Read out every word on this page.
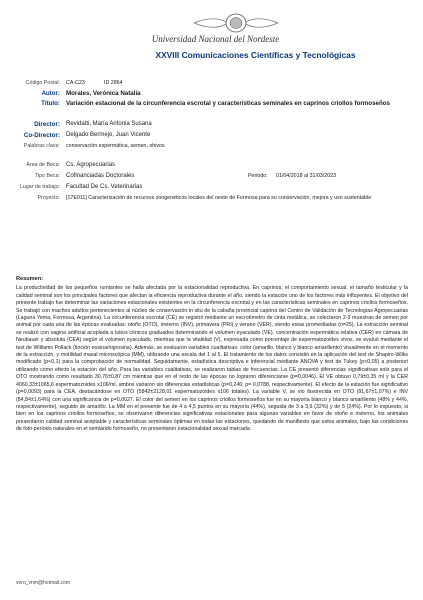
Universidad Nacional del Nordeste
XXVIII Comunicaciones Científicas y Tecnológicas
Código Postal: CA-C23	ID 2864
Autor: Morales, Verónica Natalia
Título: Variación estacional de la circunferencia escrotal y características seminales en caprinos criollos formoseños
Director: Revidatti, María Antonia Susana
Co-Director: Delgado Bermejo, Juan Vicente
Palabras clave: conservación espermática, semen, ohivos
Área de Beca: Cs. Agropecuarias
Tipo Beca: Cofinanciadas Doctorales	Periodo: 01/04/2018 al 31/03/2023
Lugar de trabajo: Facultad De Cs. Veterinarias
Proyecto: [17E011] Caracterización de recursos zoogenéticos locales del oeste de Formosa para su conservación, mejora y uso sustentable
Resumen:
La productividad de los pequeños rumiantes se halla afectada por la estacionalidad reproductiva. En caprinos, el comportamiento sexual, el tamaño testicular y la calidad seminal son los principales factores que afectan la eficiencia reproductiva durante el año, siendo la estación uno de los factores más influyentes. El objetivo del presente trabajo fue determinar las variaciones estacionales existentes en la circunferencia escrotal y en las características seminales en caprinos criollos formoseños. Se trabajó con machos adultos pertenecientes al núcleo de conservación in situ de la cabaña provincial caprina del Centro de Validación de Tecnologías Agropecuarias (Laguna Yema, Formosa, Argentina). La circunferencia escrotal (CE) se registró mediante un escrotímetro de cinta metálica, se colectaron 2-3 muestras de semen por animal por cada una de las épocas evaluadas: otoño (OTO), invierno (INV), primavera (PRI) y verano (VER), siendo estas promediadas (n=25). La extracción seminal se realizó con vagina artificial acoplada a tubos cónicos graduados determinando el volumen eyaculado (VE), concentración espermática relativa (CER) en cámara de Neubauer y absoluta (CEA) según el volumen eyaculado, mientras que la vitalidad (V), expresada como porcentaje de espermatozoides vivos, se evaluó mediante el test de Williams Pollack (tinción eosina/nigrosina). Además, se evaluaron variables cualitativas: color (amarillo, blanco y blanco amarillento) visualmente en el momento de la extracción, y motilidad masal microscópica (MM), utilizando una escala del 1 al 5. El tratamiento de los datos consistió en la aplicación del test de Shapiro-Wilks modificado (p<0,1) para la comprobación de normalidad. Seguidamente, estadística descriptiva e inferencial mediante ANOVA y test de Tukey (p<0,05) a posteriori utilizando como efecto la estación del año. Para las variables cualitativas, se realizaron tablas de frecuencias. La CE presentó diferencias significativas solo para el OTO mostrando como resultado 30,76±0,87 cm mientras que en el resto de las épocas no lograron diferenciarse (p=0,0046). El VE obtuvo 0,79±0,35 ml y la CER 4060,33±1065,6 espermatozoides x106/ml, ambos variaron sin diferencias estadísticas (p=0,246; p= 0,0788, respectivamente). El efecto de la estación fue significativo (p=0,0093) para la CEA, destacándose en OTO (5842±2128,01 espermatozoides x106 totales). La variable V, se vio favorecida en OTO (91,67±1,07%) e INV (84,84±1,64%) con una significancia de p=0,0027. El color del semen en los caprinos criollos formoseños fue en su mayoría blanco y blanco amarillento (48% y 44%, respectivamente), seguido de amarillo. La MM en el presente fue de 4 a 4,5 puntos en su mayoría (44%), seguida de 3 a 3,9 (32%) y de 5 (24%). Por lo expuesto, si bien en los caprinos criollos formoseños, se observaron diferencias significativas estacionales para algunas variables en favor de otoño e invierno, los animales presentaron calidad seminal aceptable y características seminales óptimas en todas las estaciones, quedando de manifiesto que estos animales, bajo las condiciones de foto-período naturales en el semiárido formoseño, no presentaron estacionalidad sexual marcada.
vero_vnm@hotmail.com
